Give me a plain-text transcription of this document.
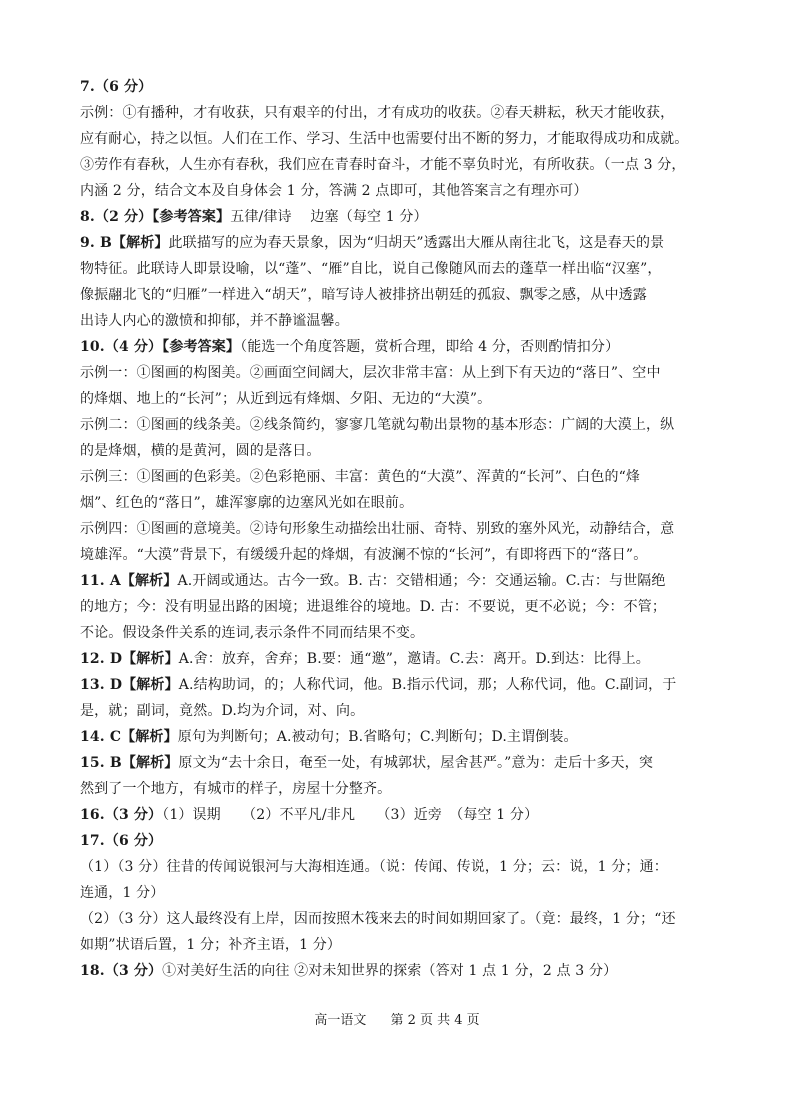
7.（6 分）
示例：①有播种，才有收获，只有艰辛的付出，才有成功的收获。②春天耕耘，秋天才能收获，
应有耐心，持之以恒。人们在工作、学习、生活中也需要付出不断的努力，才能取得成功和成就。
③劳作有春秋，人生亦有春秋，我们应在青春时奋斗，才能不辜负时光，有所收获。（一点 3 分，
内涵 2 分，结合文本及自身体会 1 分，答满 2 点即可，其他答案言之有理亦可）
8.（2 分）【参考答案】五律/律诗　 边塞（每空 1 分）
9. B【解析】此联描写的应为春天景象，因为“归胡天”透露出大雁从南往北飞，这是春天的景
物特征。此联诗人即景设喻，以“蓬”、“雁”自比，说自己像随风而去的蓬草一样出临“汉塞”，
像振翮北飞的“归雁”一样进入“胡天”，暗写诗人被排挤出朝廷的孤寂、飘零之感，从中透露
出诗人内心的激愤和抑郁，并不静谧温馨。
10.（4 分）【参考答案】（能选一个角度答题，赏析合理，即给 4 分，否则酌情扣分）
示例一：①图画的构图美。②画面空间阔大，层次非常丰富：从上到下有天边的“落日”、空中
的烽烟、地上的“长河”；从近到远有烽烟、夕阳、无边的“大漠”。
示例二：①图画的线条美。②线条简约，寥寥几笔就勾勒出景物的基本形态：广阔的大漠上，纵
的是烽烟，横的是黄河，圆的是落日。
示例三：①图画的色彩美。②色彩艳丽、丰富：黄色的“大漠”、浑黄的“长河”、白色的“烽
烟”、红色的“落日”，雄浑寥廓的边塞风光如在眼前。
示例四：①图画的意境美。②诗句形象生动描绘出壮丽、奇特、别致的塞外风光，动静结合，意
境雄浑。“大漠”背景下，有缓缓升起的烽烟，有波澜不惊的“长河”，有即将西下的“落日”。
11. A【解析】A.开阔或通达。古今一致。B. 古：交错相通；今：交通运输。C.古：与世隔绝
的地方；今：没有明显出路的困境；进退维谷的境地。D. 古：不要说，更不必说；今：不管；
不论。假设条件关系的连词,表示条件不同而结果不变。
12. D【解析】A.舍：放弃，舍弃；B.要：通“邀”，邀请。C.去：离开。D.到达：比得上。
13. D【解析】A.结构助词，的；人称代词，他。B.指示代词，那；人称代词，他。C.副词，于
是，就；副词，竟然。D.均为介词，对、向。
14. C【解析】原句为判断句；A.被动句；B.省略句；C.判断句；D.主谓倒装。
15. B【解析】原文为“去十余日，奄至一处，有城郭状，屋舍甚严。”意为：走后十多天，突
然到了一个地方，有城市的样子，房屋十分整齐。
16.（3 分）（1）误期　　（2）不平凡/非凡　　（3）近旁　（每空 1 分）
17.（6 分）
（1）（3 分）往昔的传闻说银河与大海相连通。（说：传闻、传说，1 分；云：说，1 分；通：
连通，1 分）
（2）（3 分）这人最终没有上岸，因而按照木筏来去的时间如期回家了。（竟：最终，1 分；“还
如期”状语后置，1 分；补齐主语，1 分）
18.（3 分）①对美好生活的向往 ②对未知世界的探索（答对 1 点 1 分，2 点 3 分）
高一语文 第 2 页 共 4 页
